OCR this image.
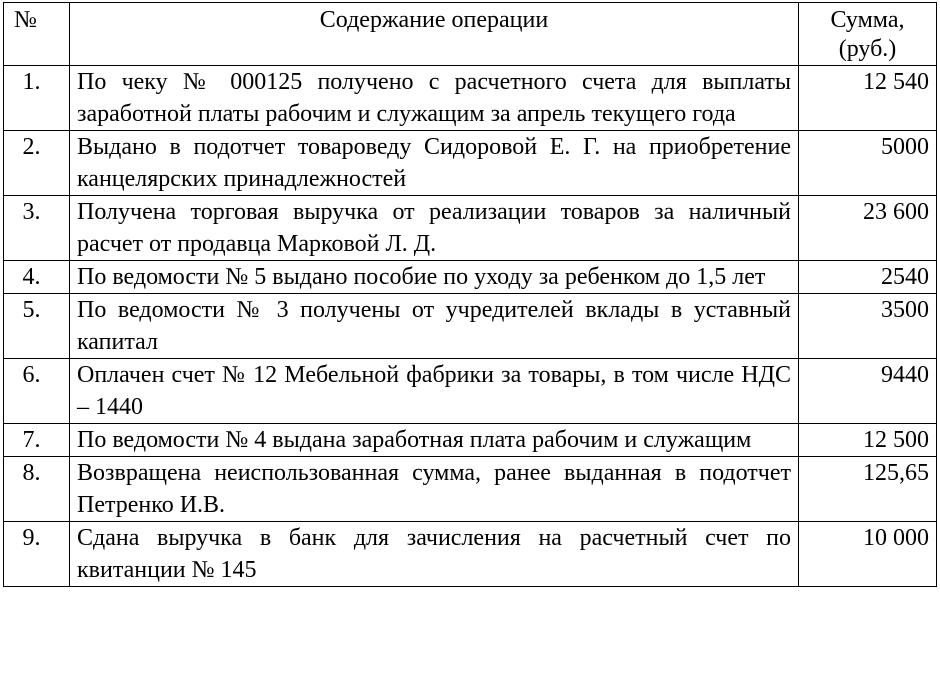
№	Содержание операции	Сумма, (руб.)
1.	По чеку № 000125 получено с расчетного счета для выплаты заработной платы рабочим и служащим за апрель текущего года	12 540
2.	Выдано в подотчет товароведу Сидоровой Е. Г. на приобретение канцелярских принадлежностей	5000
3.	Получена торговая выручка от реализации товаров за наличный расчет от продавца Марковой Л. Д.	23 600
4.	По ведомости № 5 выдано пособие по уходу за ребенком до 1,5 лет	2540
5.	По ведомости № 3 получены от учредителей вклады в уставный капитал	3500
6.	Оплачен счет № 12 Мебельной фабрики за товары, в том числе НДС – 1440	9440
7.	По ведомости № 4 выдана заработная плата рабочим и служащим	12 500
8.	Возвращена неиспользованная сумма, ранее выданная в подотчет Петренко И.В.	125,65
9.	Сдана выручка в банк для зачисления на расчетный счет по квитанции № 145	10 000
